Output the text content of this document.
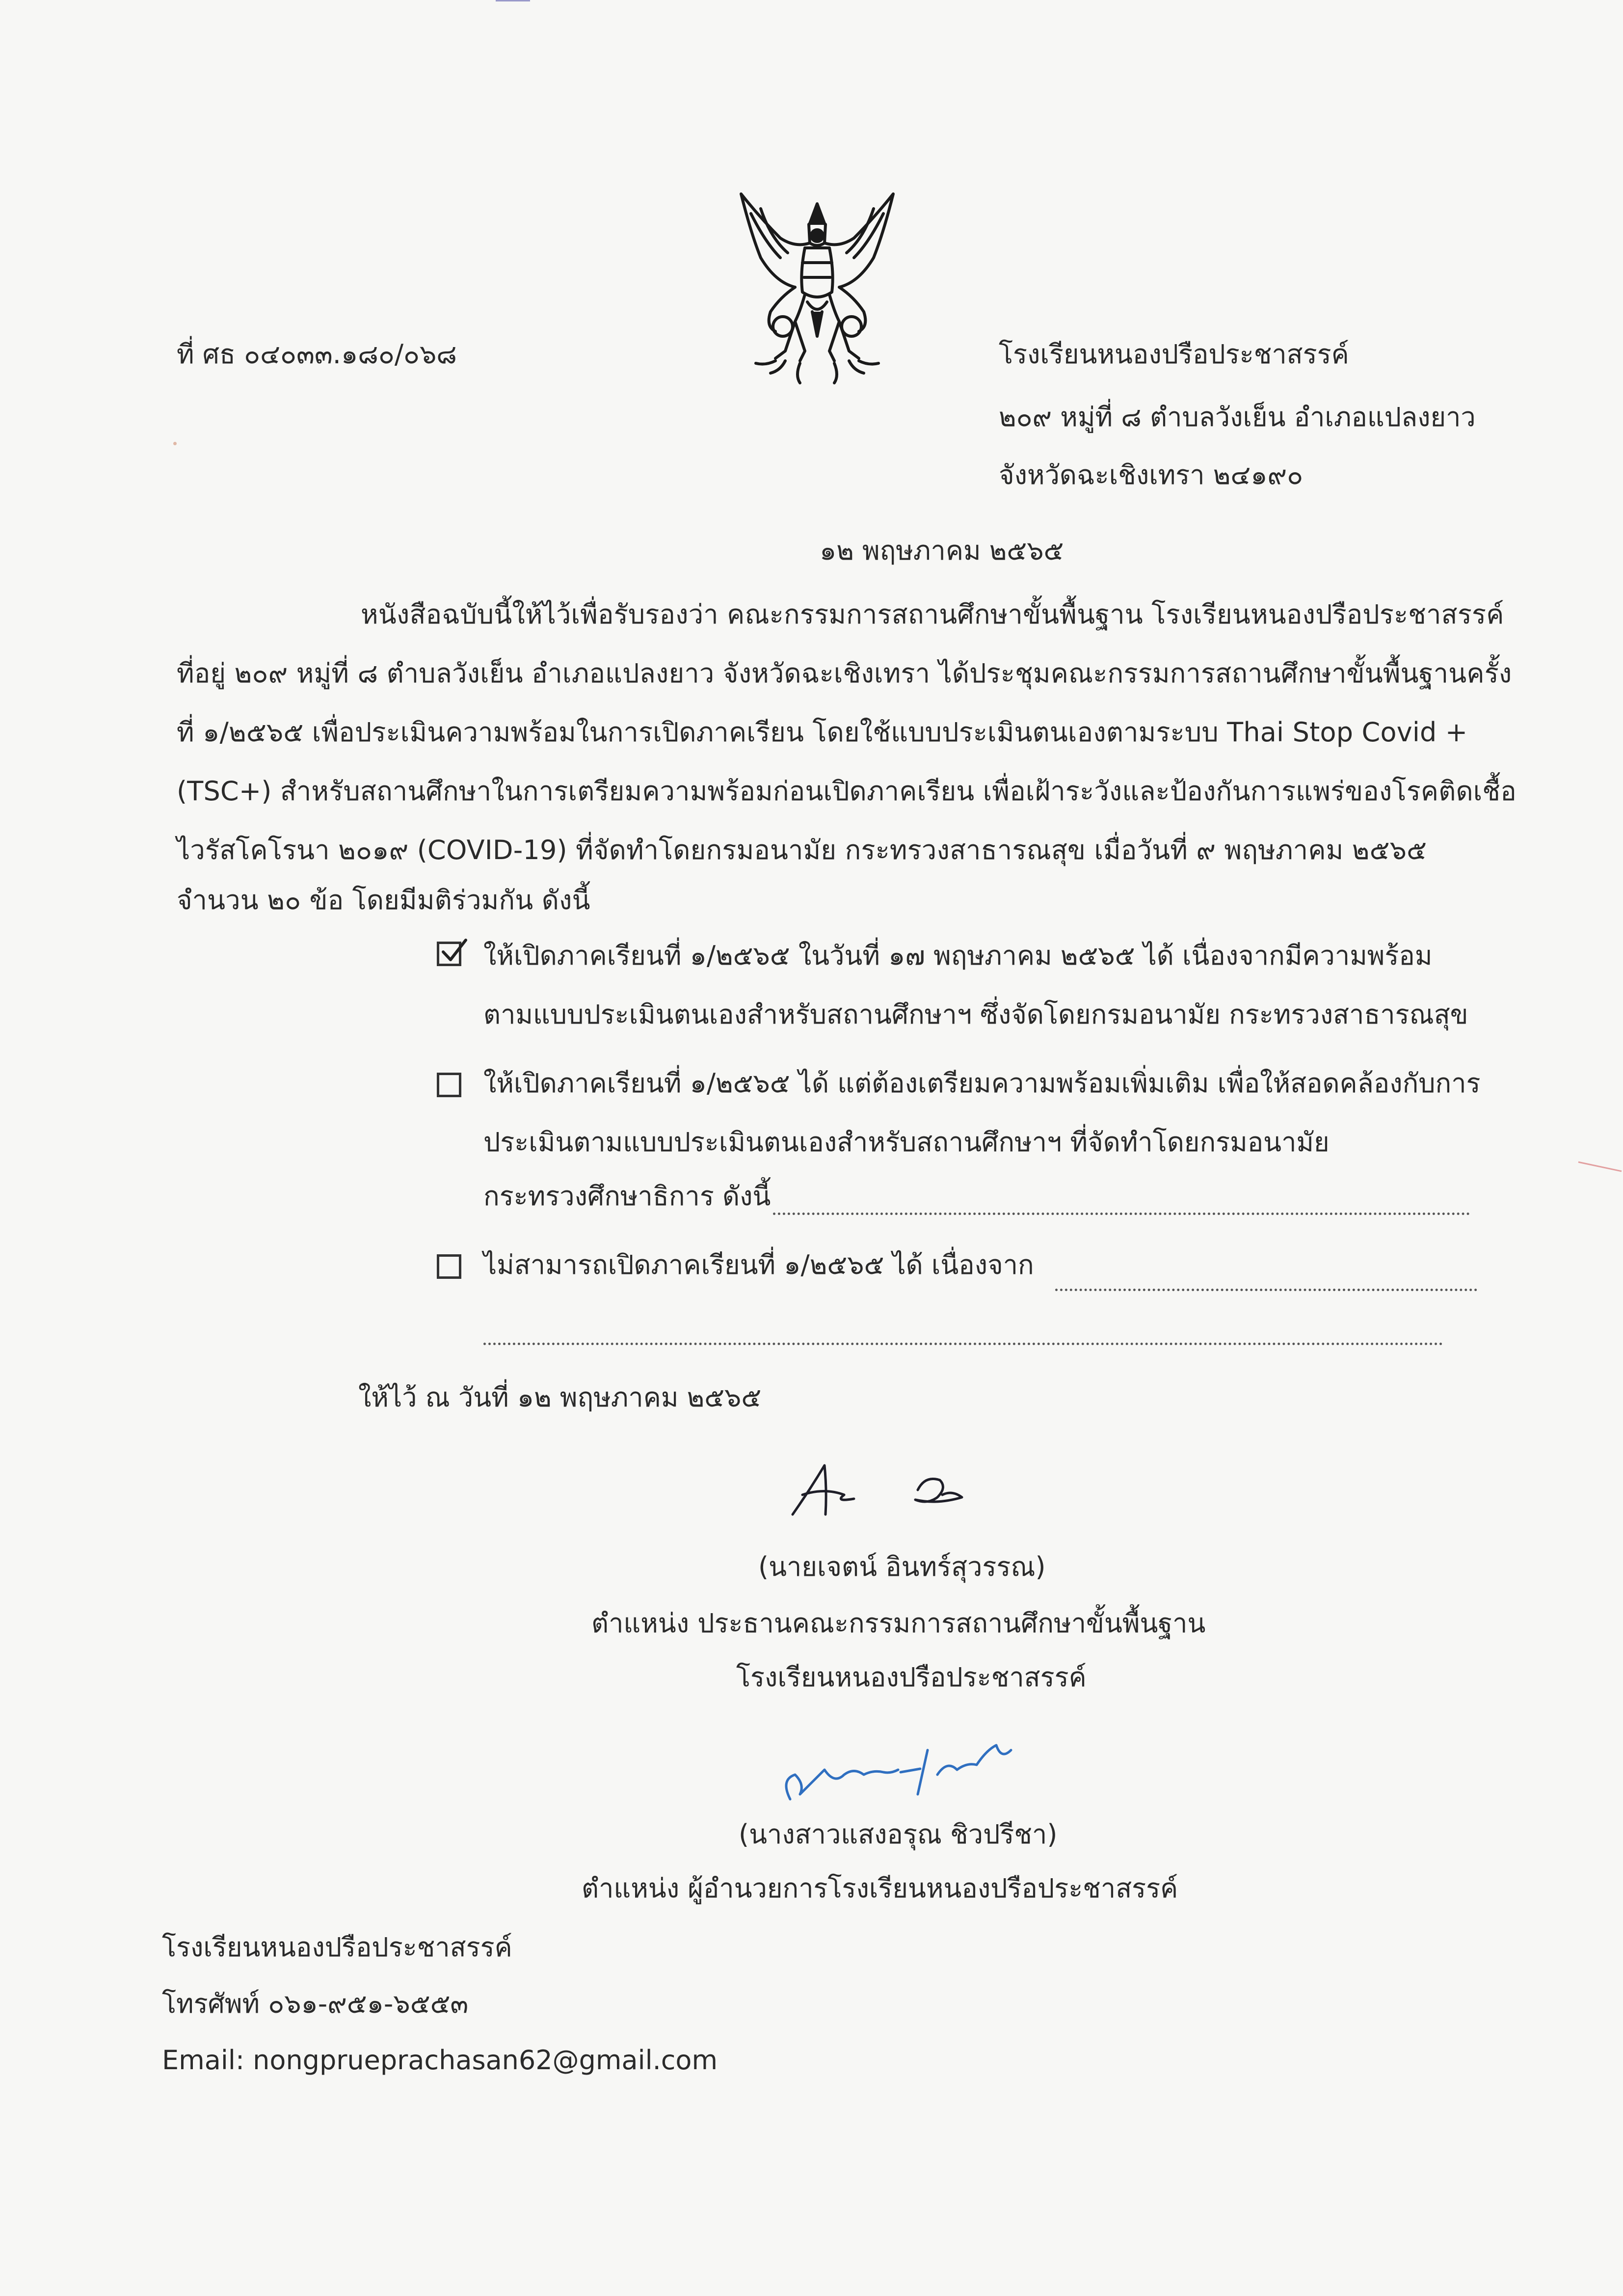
ที่ ศธ ๐๔๐๓๓.๑๘๐/๐๖๘	โรงเรียนหนองปรือประชาสรรค์
๒๐๙ หมู่ที่ ๘ ตำบลวังเย็น อำเภอแปลงยาว
จังหวัดฉะเชิงเทรา ๒๔๑๙๐
๑๒ พฤษภาคม ๒๕๖๕
หนังสือฉบับนี้ให้ไว้เพื่อรับรองว่า คณะกรรมการสถานศึกษาขั้นพื้นฐาน โรงเรียนหนองปรือประชาสรรค์
ที่อยู่ ๒๐๙ หมู่ที่ ๘ ตำบลวังเย็น อำเภอแปลงยาว จังหวัดฉะเชิงเทรา ได้ประชุมคณะกรรมการสถานศึกษาขั้นพื้นฐานครั้ง
ที่ ๑/๒๕๖๕ เพื่อประเมินความพร้อมในการเปิดภาคเรียน โดยใช้แบบประเมินตนเองตามระบบ Thai Stop Covid +
(TSC+) สำหรับสถานศึกษาในการเตรียมความพร้อมก่อนเปิดภาคเรียน เพื่อเฝ้าระวังและป้องกันการแพร่ของโรคติดเชื้อ
ไวรัสโคโรนา ๒๐๑๙ (COVID-19) ที่จัดทำโดยกรมอนามัย กระทรวงสาธารณสุข เมื่อวันที่ ๙ พฤษภาคม ๒๕๖๕
จำนวน ๒๐ ข้อ โดยมีมติร่วมกัน ดังนี้
ให้เปิดภาคเรียนที่ ๑/๒๕๖๕ ในวันที่ ๑๗ พฤษภาคม ๒๕๖๕ ได้ เนื่องจากมีความพร้อม
ตามแบบประเมินตนเองสำหรับสถานศึกษาฯ ซึ่งจัดโดยกรมอนามัย กระทรวงสาธารณสุข
ให้เปิดภาคเรียนที่ ๑/๒๕๖๕ ได้ แต่ต้องเตรียมความพร้อมเพิ่มเติม เพื่อให้สอดคล้องกับการ
ประเมินตามแบบประเมินตนเองสำหรับสถานศึกษาฯ ที่จัดทำโดยกรมอนามัย
กระทรวงศึกษาธิการ ดังนี้
ไม่สามารถเปิดภาคเรียนที่ ๑/๒๕๖๕ ได้ เนื่องจาก
ให้ไว้ ณ วันที่ ๑๒ พฤษภาคม ๒๕๖๕
(นายเจตน์ อินทร์สุวรรณ)
ตำแหน่ง ประธานคณะกรรมการสถานศึกษาขั้นพื้นฐาน
โรงเรียนหนองปรือประชาสรรค์
(นางสาวแสงอรุณ ชิวปรีชา)
ตำแหน่ง ผู้อำนวยการโรงเรียนหนองปรือประชาสรรค์
โรงเรียนหนองปรือประชาสรรค์
โทรศัพท์ ๐๖๑-๙๕๑-๖๕๕๓
Email: nongprueprachasan62@gmail.com
